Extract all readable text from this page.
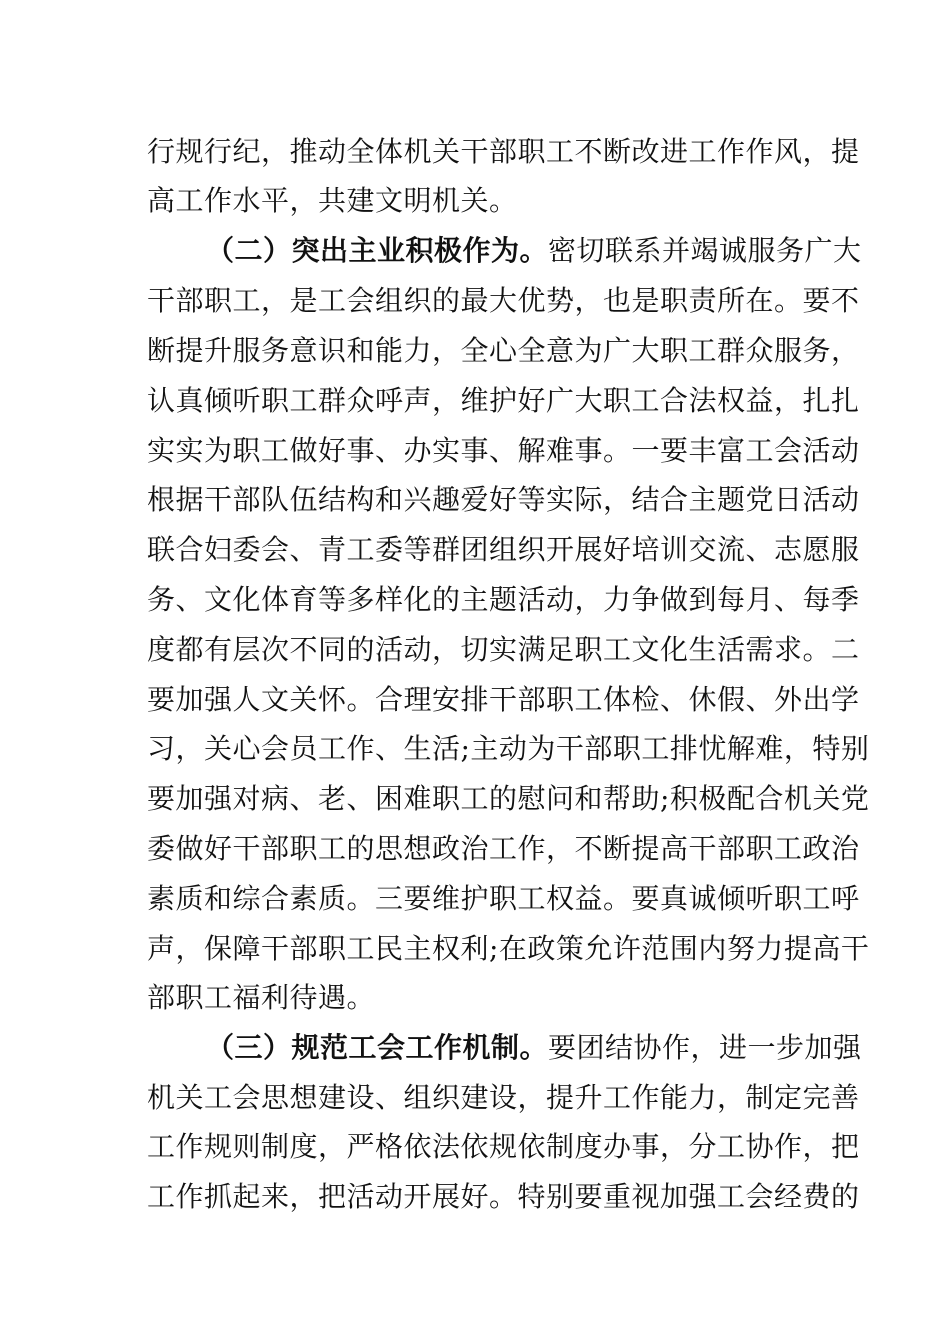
行规行纪，推动全体机关干部职工不断改进工作作风，提
高工作水平，共建文明机关。
（二）突出主业积极作为。密切联系并竭诚服务广大
干部职工，是工会组织的最大优势，也是职责所在。要不
断提升服务意识和能力，全心全意为广大职工群众服务，
认真倾听职工群众呼声，维护好广大职工合法权益，扎扎
实实为职工做好事、办实事、解难事。一要丰富工会活动
根据干部队伍结构和兴趣爱好等实际，结合主题党日活动
联合妇委会、青工委等群团组织开展好培训交流、志愿服
务、文化体育等多样化的主题活动，力争做到每月、每季
度都有层次不同的活动，切实满足职工文化生活需求。二
要加强人文关怀。合理安排干部职工体检、休假、外出学
习，关心会员工作、生活;主动为干部职工排忧解难，特别
要加强对病、老、困难职工的慰问和帮助;积极配合机关党
委做好干部职工的思想政治工作，不断提高干部职工政治
素质和综合素质。三要维护职工权益。要真诚倾听职工呼
声，保障干部职工民主权利;在政策允许范围内努力提高干
部职工福利待遇。
（三）规范工会工作机制。要团结协作，进一步加强
机关工会思想建设、组织建设，提升工作能力，制定完善
工作规则制度，严格依法依规依制度办事，分工协作，把
工作抓起来，把活动开展好。特别要重视加强工会经费的
